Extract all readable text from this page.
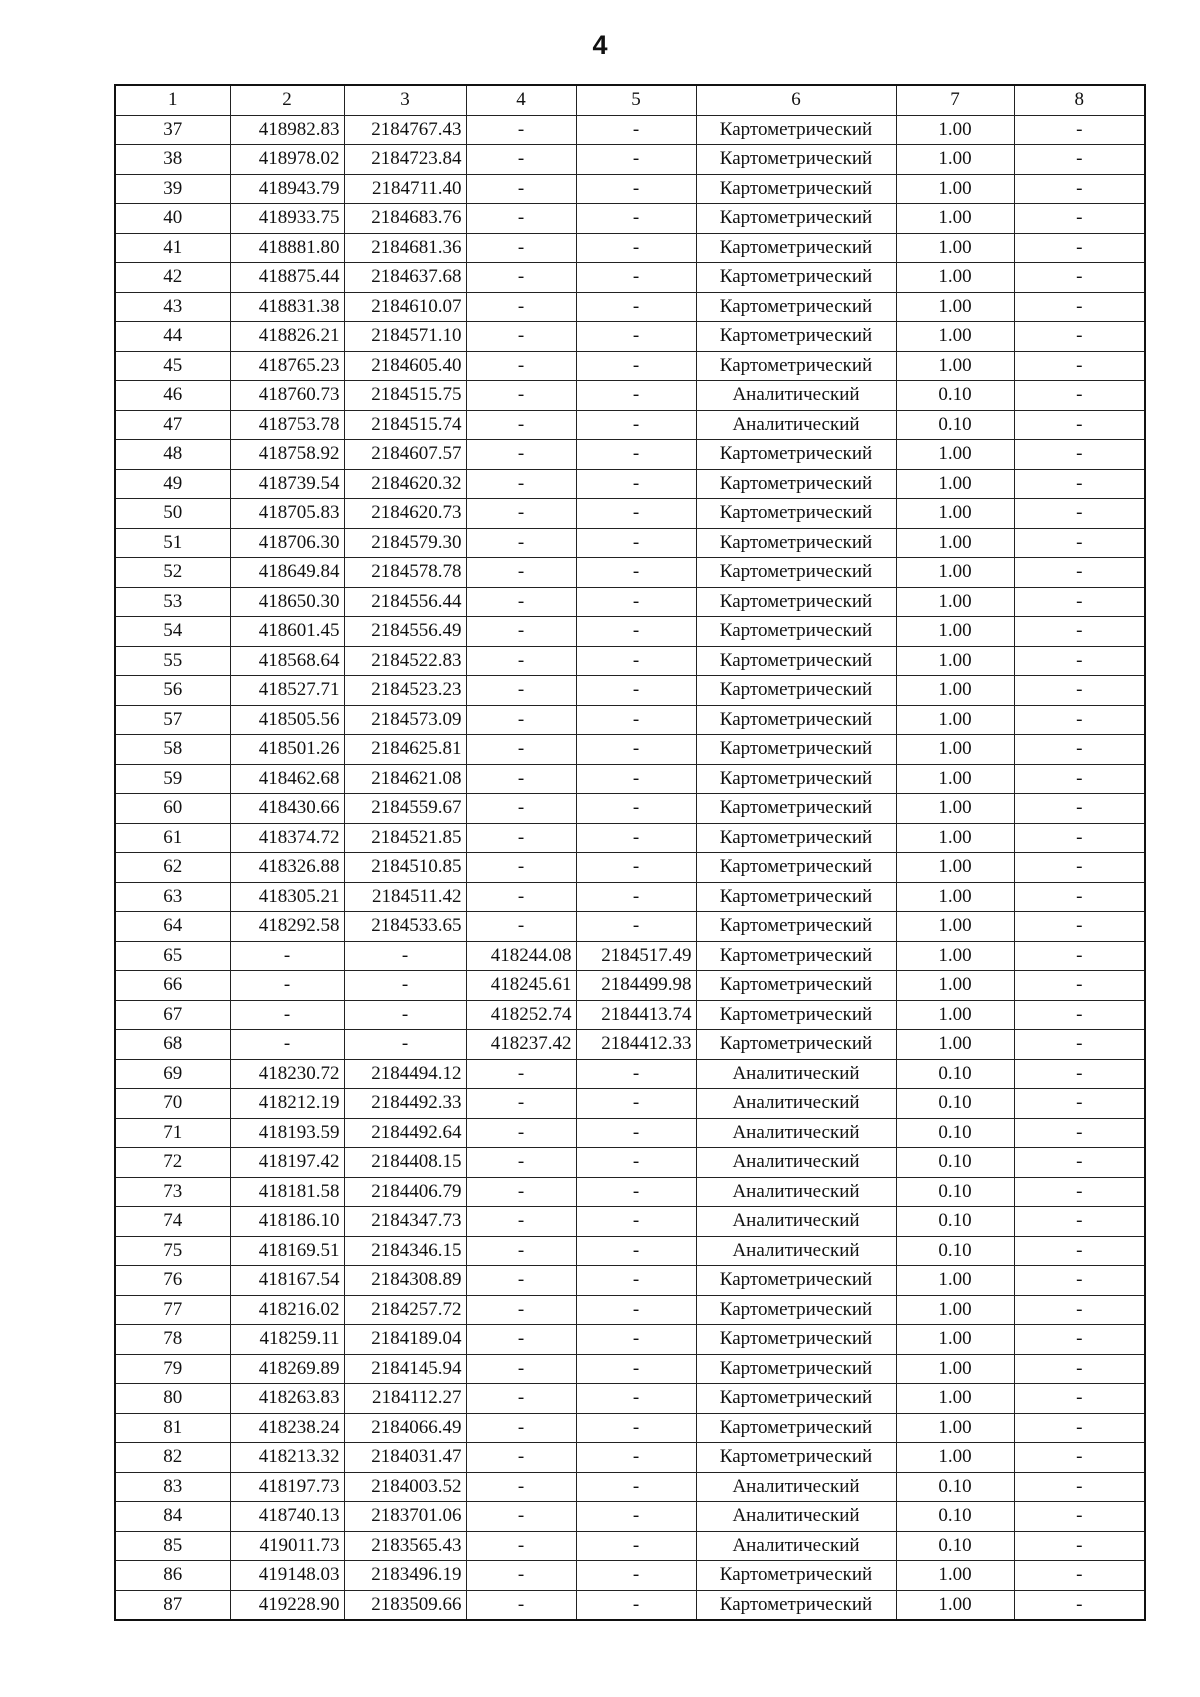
4
1	2	3	4	5	6	7	8
37	418982.83	2184767.43	-	-	Картометрический	1.00	-
38	418978.02	2184723.84	-	-	Картометрический	1.00	-
39	418943.79	2184711.40	-	-	Картометрический	1.00	-
40	418933.75	2184683.76	-	-	Картометрический	1.00	-
41	418881.80	2184681.36	-	-	Картометрический	1.00	-
42	418875.44	2184637.68	-	-	Картометрический	1.00	-
43	418831.38	2184610.07	-	-	Картометрический	1.00	-
44	418826.21	2184571.10	-	-	Картометрический	1.00	-
45	418765.23	2184605.40	-	-	Картометрический	1.00	-
46	418760.73	2184515.75	-	-	Аналитический	0.10	-
47	418753.78	2184515.74	-	-	Аналитический	0.10	-
48	418758.92	2184607.57	-	-	Картометрический	1.00	-
49	418739.54	2184620.32	-	-	Картометрический	1.00	-
50	418705.83	2184620.73	-	-	Картометрический	1.00	-
51	418706.30	2184579.30	-	-	Картометрический	1.00	-
52	418649.84	2184578.78	-	-	Картометрический	1.00	-
53	418650.30	2184556.44	-	-	Картометрический	1.00	-
54	418601.45	2184556.49	-	-	Картометрический	1.00	-
55	418568.64	2184522.83	-	-	Картометрический	1.00	-
56	418527.71	2184523.23	-	-	Картометрический	1.00	-
57	418505.56	2184573.09	-	-	Картометрический	1.00	-
58	418501.26	2184625.81	-	-	Картометрический	1.00	-
59	418462.68	2184621.08	-	-	Картометрический	1.00	-
60	418430.66	2184559.67	-	-	Картометрический	1.00	-
61	418374.72	2184521.85	-	-	Картометрический	1.00	-
62	418326.88	2184510.85	-	-	Картометрический	1.00	-
63	418305.21	2184511.42	-	-	Картометрический	1.00	-
64	418292.58	2184533.65	-	-	Картометрический	1.00	-
65	-	-	418244.08	2184517.49	Картометрический	1.00	-
66	-	-	418245.61	2184499.98	Картометрический	1.00	-
67	-	-	418252.74	2184413.74	Картометрический	1.00	-
68	-	-	418237.42	2184412.33	Картометрический	1.00	-
69	418230.72	2184494.12	-	-	Аналитический	0.10	-
70	418212.19	2184492.33	-	-	Аналитический	0.10	-
71	418193.59	2184492.64	-	-	Аналитический	0.10	-
72	418197.42	2184408.15	-	-	Аналитический	0.10	-
73	418181.58	2184406.79	-	-	Аналитический	0.10	-
74	418186.10	2184347.73	-	-	Аналитический	0.10	-
75	418169.51	2184346.15	-	-	Аналитический	0.10	-
76	418167.54	2184308.89	-	-	Картометрический	1.00	-
77	418216.02	2184257.72	-	-	Картометрический	1.00	-
78	418259.11	2184189.04	-	-	Картометрический	1.00	-
79	418269.89	2184145.94	-	-	Картометрический	1.00	-
80	418263.83	2184112.27	-	-	Картометрический	1.00	-
81	418238.24	2184066.49	-	-	Картометрический	1.00	-
82	418213.32	2184031.47	-	-	Картометрический	1.00	-
83	418197.73	2184003.52	-	-	Аналитический	0.10	-
84	418740.13	2183701.06	-	-	Аналитический	0.10	-
85	419011.73	2183565.43	-	-	Аналитический	0.10	-
86	419148.03	2183496.19	-	-	Картометрический	1.00	-
87	419228.90	2183509.66	-	-	Картометрический	1.00	-
